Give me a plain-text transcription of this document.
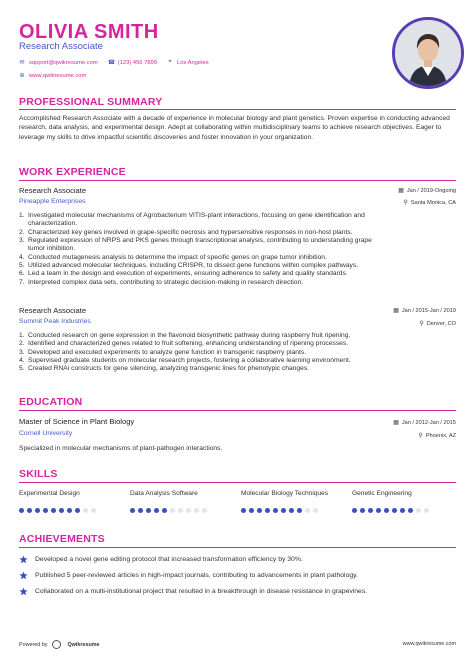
OLIVIA SMITH
Research Associate
✉ support@qwikresume.com ☎ (123) 456 7899 ⌖ Los Angeles
⊕ www.qwikresume.com
PROFESSIONAL SUMMARY
Accomplished Research Associate with a decade of experience in molecular biology and plant genetics. Proven expertise in conducting advanced research, data analysis, and experimental design. Adept at collaborating within multidisciplinary teams to achieve research objectives. Eager to leverage my skills to drive impactful scientific discoveries and foster innovation in your organization.
WORK EXPERIENCE
Research Associate	▦ Jan / 2019-Ongoing
Pineapple Enterprises	⚲ Santa Monica, CA
1. Investigated molecular mechanisms of Agrobacterium VITIS-plant interactions, focusing on gene identification and
characterization.
2. Characterized key genes involved in grape-specific necrosis and hypersensitive responses in non-host plants.
3. Regulated expression of NRPS and PKS genes through transcriptional analysis, contributing to understanding grape
tumor inhibition.
4. Conducted mutagenesis analysis to determine the impact of specific genes on grape tumor inhibition.
5. Utilized advanced molecular techniques, including CRISPR, to dissect gene functions within complex pathways.
6. Led a team in the design and execution of experiments, ensuring adherence to safety and quality standards.
7. Interpreted complex data sets, contributing to strategic decision-making in research direction.
Research Associate	▦ Jan / 2015-Jan / 2019
Summit Peak Industries	⚲ Denver, CO
1. Conducted research on gene expression in the flavonoid biosynthetic pathway during raspberry fruit ripening.
2. Identified and characterized genes related to fruit softening, enhancing understanding of ripening processes.
3. Developed and executed experiments to analyze gene function in transgenic raspberry plants.
4. Supervised graduate students on molecular research projects, fostering a collaborative learning environment.
5. Created RNAi constructs for gene silencing, analyzing transgenic lines for phenotypic changes.
EDUCATION
Master of Science in Plant Biology	▦ Jan / 2012-Jan / 2015
Cornell University	⚲ Phoenix, AZ
Specialized in molecular mechanisms of plant-pathogen interactions.
SKILLS
Experimental Design	Data Analysis Software	Molecular Biology Techniques	Genetic Engineering
ACHIEVEMENTS
Developed a novel gene editing protocol that increased transformation efficiency by 30%.
Published 5 peer-reviewed articles in high-impact journals, contributing to advancements in plant pathology.
Collaborated on a multi-institutional project that resulted in a breakthrough in disease resistance in grapevines.
Powered by	Qwikresume	www.qwikresume.com
